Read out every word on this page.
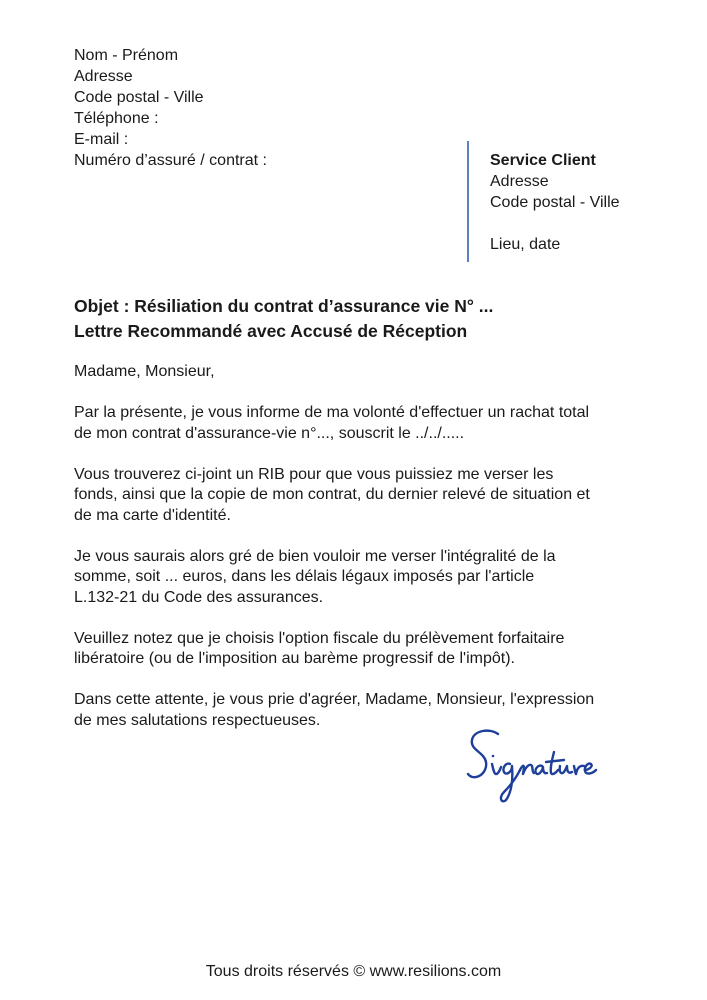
Nom - Prénom
Adresse
Code postal - Ville
Téléphone :
E-mail :
Numéro d’assuré / contrat :	Service Client
Adresse
Code postal - Ville
Lieu, date
Objet : Résiliation du contrat d’assurance vie N° ...
Lettre Recommandé avec Accusé de Réception

Madame, Monsieur,

Par la présente, je vous informe de ma volonté d'effectuer un rachat total
de mon contrat d'assurance-vie n°..., souscrit le ../../.....

Vous trouverez ci-joint un RIB pour que vous puissiez me verser les
fonds, ainsi que la copie de mon contrat, du dernier relevé de situation et
de ma carte d'identité.

Je vous saurais alors gré de bien vouloir me verser l'intégralité de la
somme, soit ... euros, dans les délais légaux imposés par l'article
L.132-21 du Code des assurances.

Veuillez notez que je choisis l'option fiscale du prélèvement forfaitaire
libératoire (ou de l'imposition au barème progressif de l'impôt).

Dans cette attente, je vous prie d'agréer, Madame, Monsieur, l'expression
de mes salutations respectueuses.

Tous droits réservés © www.resilions.com
